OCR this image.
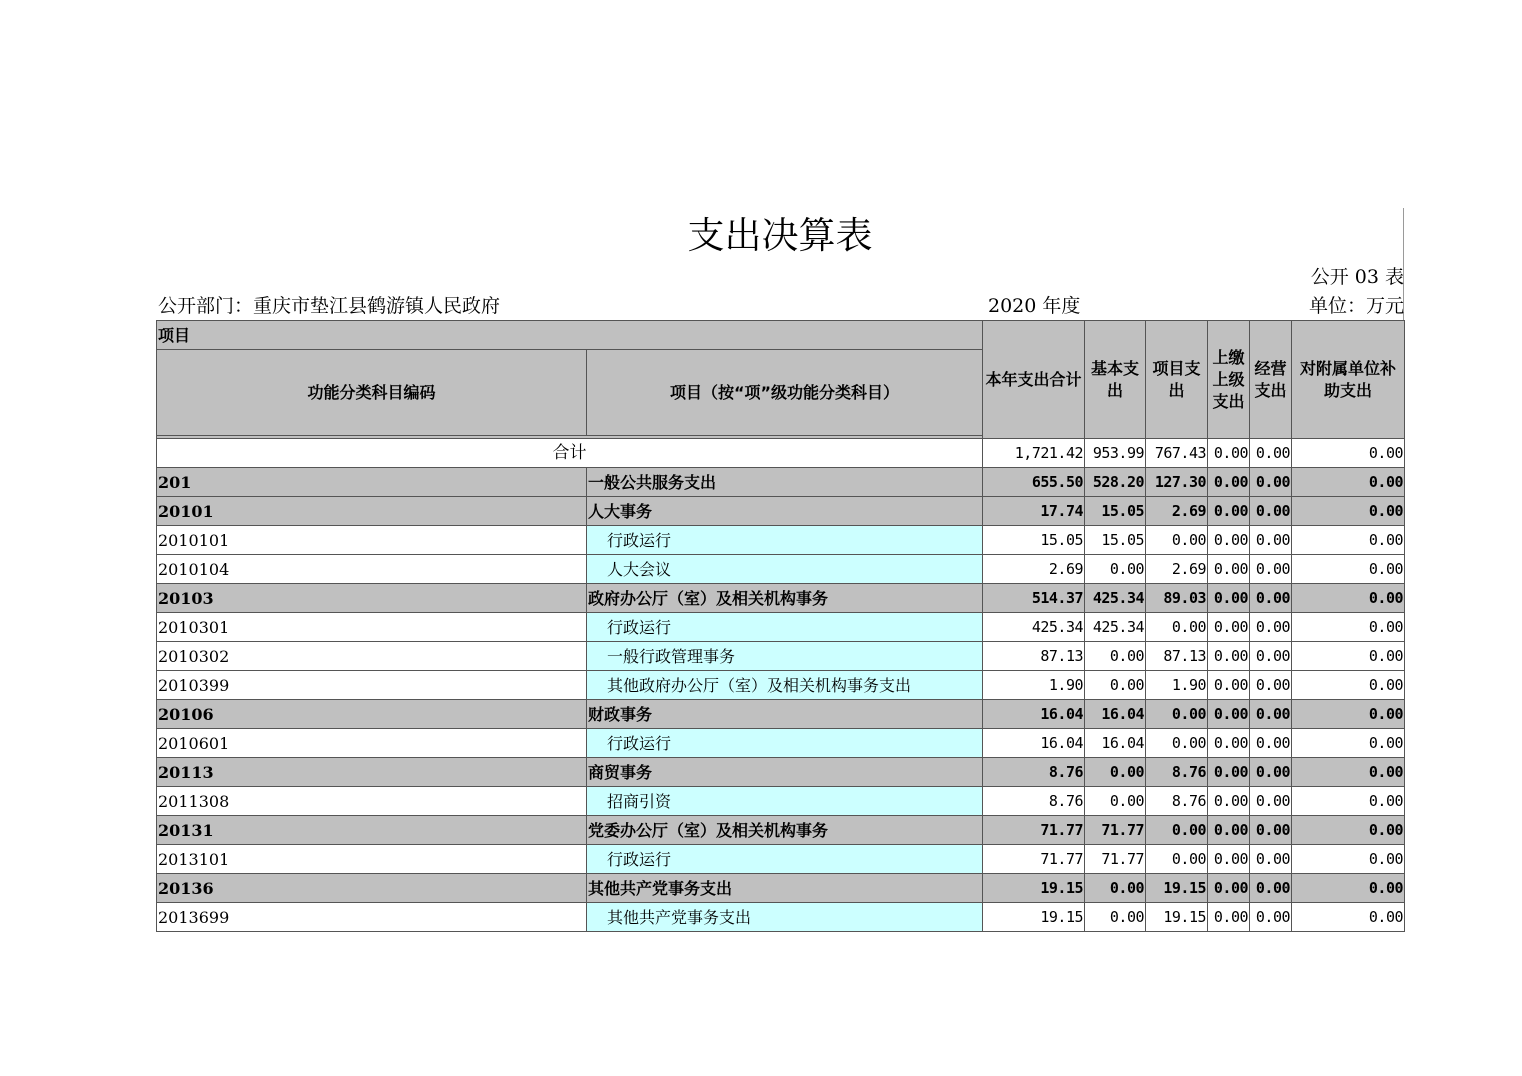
支出决算表
公开 03 表
公开部门：重庆市垫江县鹤游镇人民政府	2020 年度	单位：万元
项目		本年支出合计	基本支出	项目支出	上缴上级支出	经营支出	对附属单位补助支出
功能分类科目编码	项目（按“项”级功能分类科目）						

合计		1,721.42	953.99	767.43	0.00	0.00	0.00
201	一般公共服务支出	655.50	528.20	127.30	0.00	0.00	0.00
20101	人大事务	17.74	15.05	2.69	0.00	0.00	0.00
2010101	行政运行	15.05	15.05	0.00	0.00	0.00	0.00
2010104	人大会议	2.69	0.00	2.69	0.00	0.00	0.00
20103	政府办公厅（室）及相关机构事务	514.37	425.34	89.03	0.00	0.00	0.00
2010301	行政运行	425.34	425.34	0.00	0.00	0.00	0.00
2010302	一般行政管理事务	87.13	0.00	87.13	0.00	0.00	0.00
2010399	其他政府办公厅（室）及相关机构事务支出	1.90	0.00	1.90	0.00	0.00	0.00
20106	财政事务	16.04	16.04	0.00	0.00	0.00	0.00
2010601	行政运行	16.04	16.04	0.00	0.00	0.00	0.00
20113	商贸事务	8.76	0.00	8.76	0.00	0.00	0.00
2011308	招商引资	8.76	0.00	8.76	0.00	0.00	0.00
20131	党委办公厅（室）及相关机构事务	71.77	71.77	0.00	0.00	0.00	0.00
2013101	行政运行	71.77	71.77	0.00	0.00	0.00	0.00
20136	其他共产党事务支出	19.15	0.00	19.15	0.00	0.00	0.00
2013699	其他共产党事务支出	19.15	0.00	19.15	0.00	0.00	0.00
